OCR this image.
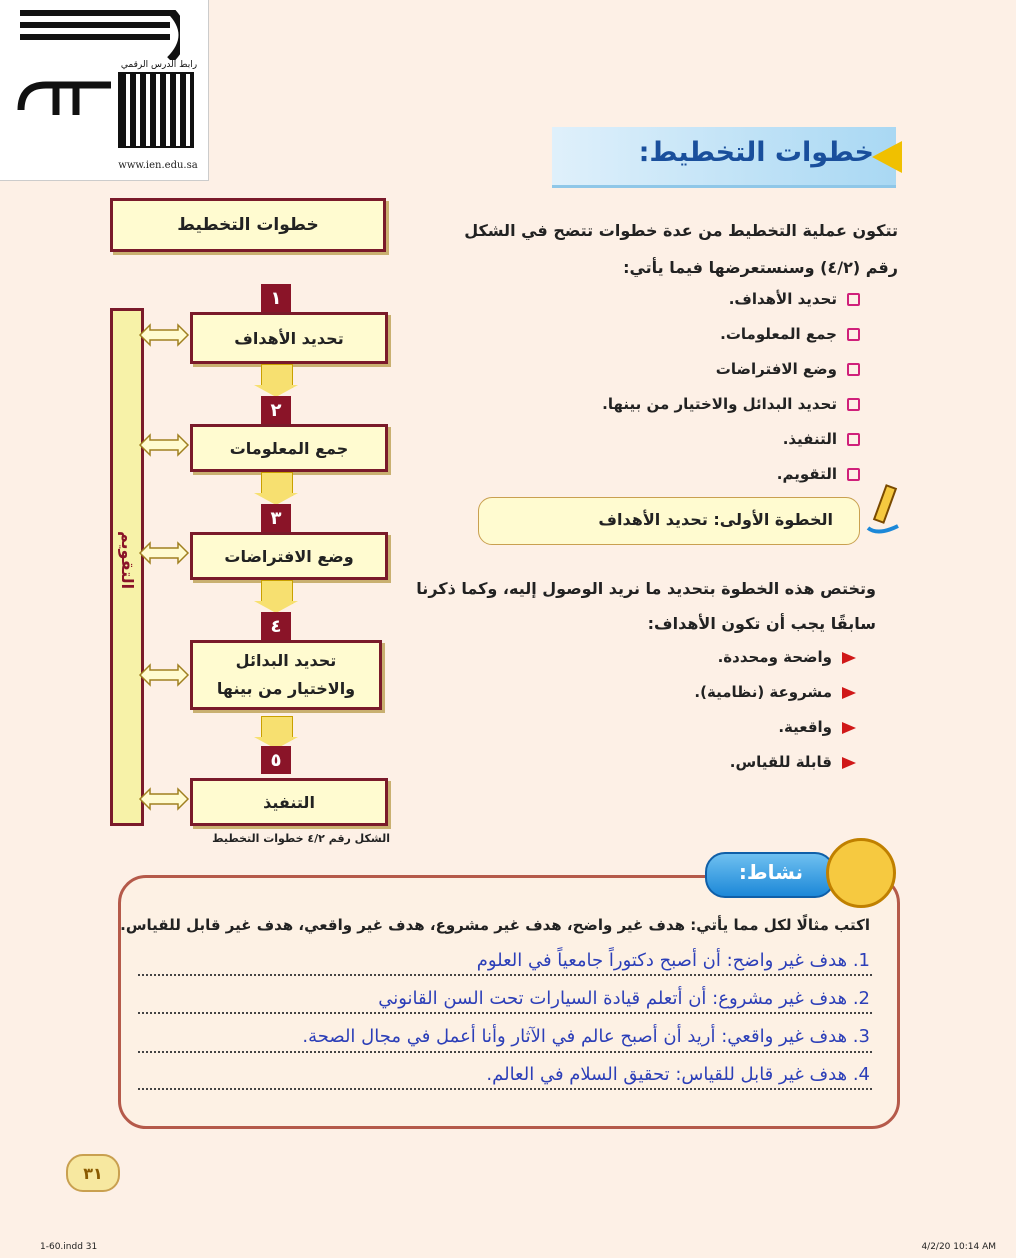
رابط الدرس الرقمي
www.ien.edu.sa	خطوات التخطيط:
خطوات التخطيط
التقويم
١
تحديد الأهداف
٢
جمع المعلومات
٣
وضع الافتراضات
٤
تحديد البدائل والاختيار من بينها
٥
التنفيذ
الشكل رقم ٤/٢ خطوات التخطيط
تتكون عملية التخطيط من عدة خطوات تتضح في الشكل
رقم (٤/٢) وسنستعرضها فيما يأتي:
تحديد الأهداف.
جمع المعلومات.
وضع الافتراضات
تحديد البدائل والاختيار من بينها.
التنفيذ.
التقويم.
الخطوة الأولى: تحديد الأهداف
وتختص هذه الخطوة بتحديد ما نريد الوصول إليه، وكما ذكرنا
سابقًا يجب أن تكون الأهداف:
واضحة ومحددة.
مشروعة (نظامية).
واقعية.
قابلة للقياس.
نشاط:
اكتب مثالًا لكل مما يأتي: هدف غير واضح، هدف غير مشروع، هدف غير واقعي، هدف غير قابل للقياس.
1. هدف غير واضح: أن أصبح دكتوراً جامعياً في العلوم
2. هدف غير مشروع: أن أتعلم قيادة السيارات تحت السن القانوني
3. هدف غير واقعي: أريد أن أصبح عالم في الآثار وأنا أعمل في مجال الصحة.
4. هدف غير قابل للقياس: تحقيق السلام في العالم.
٣١
1-60.indd 31	4/2/20 10:14 AM
